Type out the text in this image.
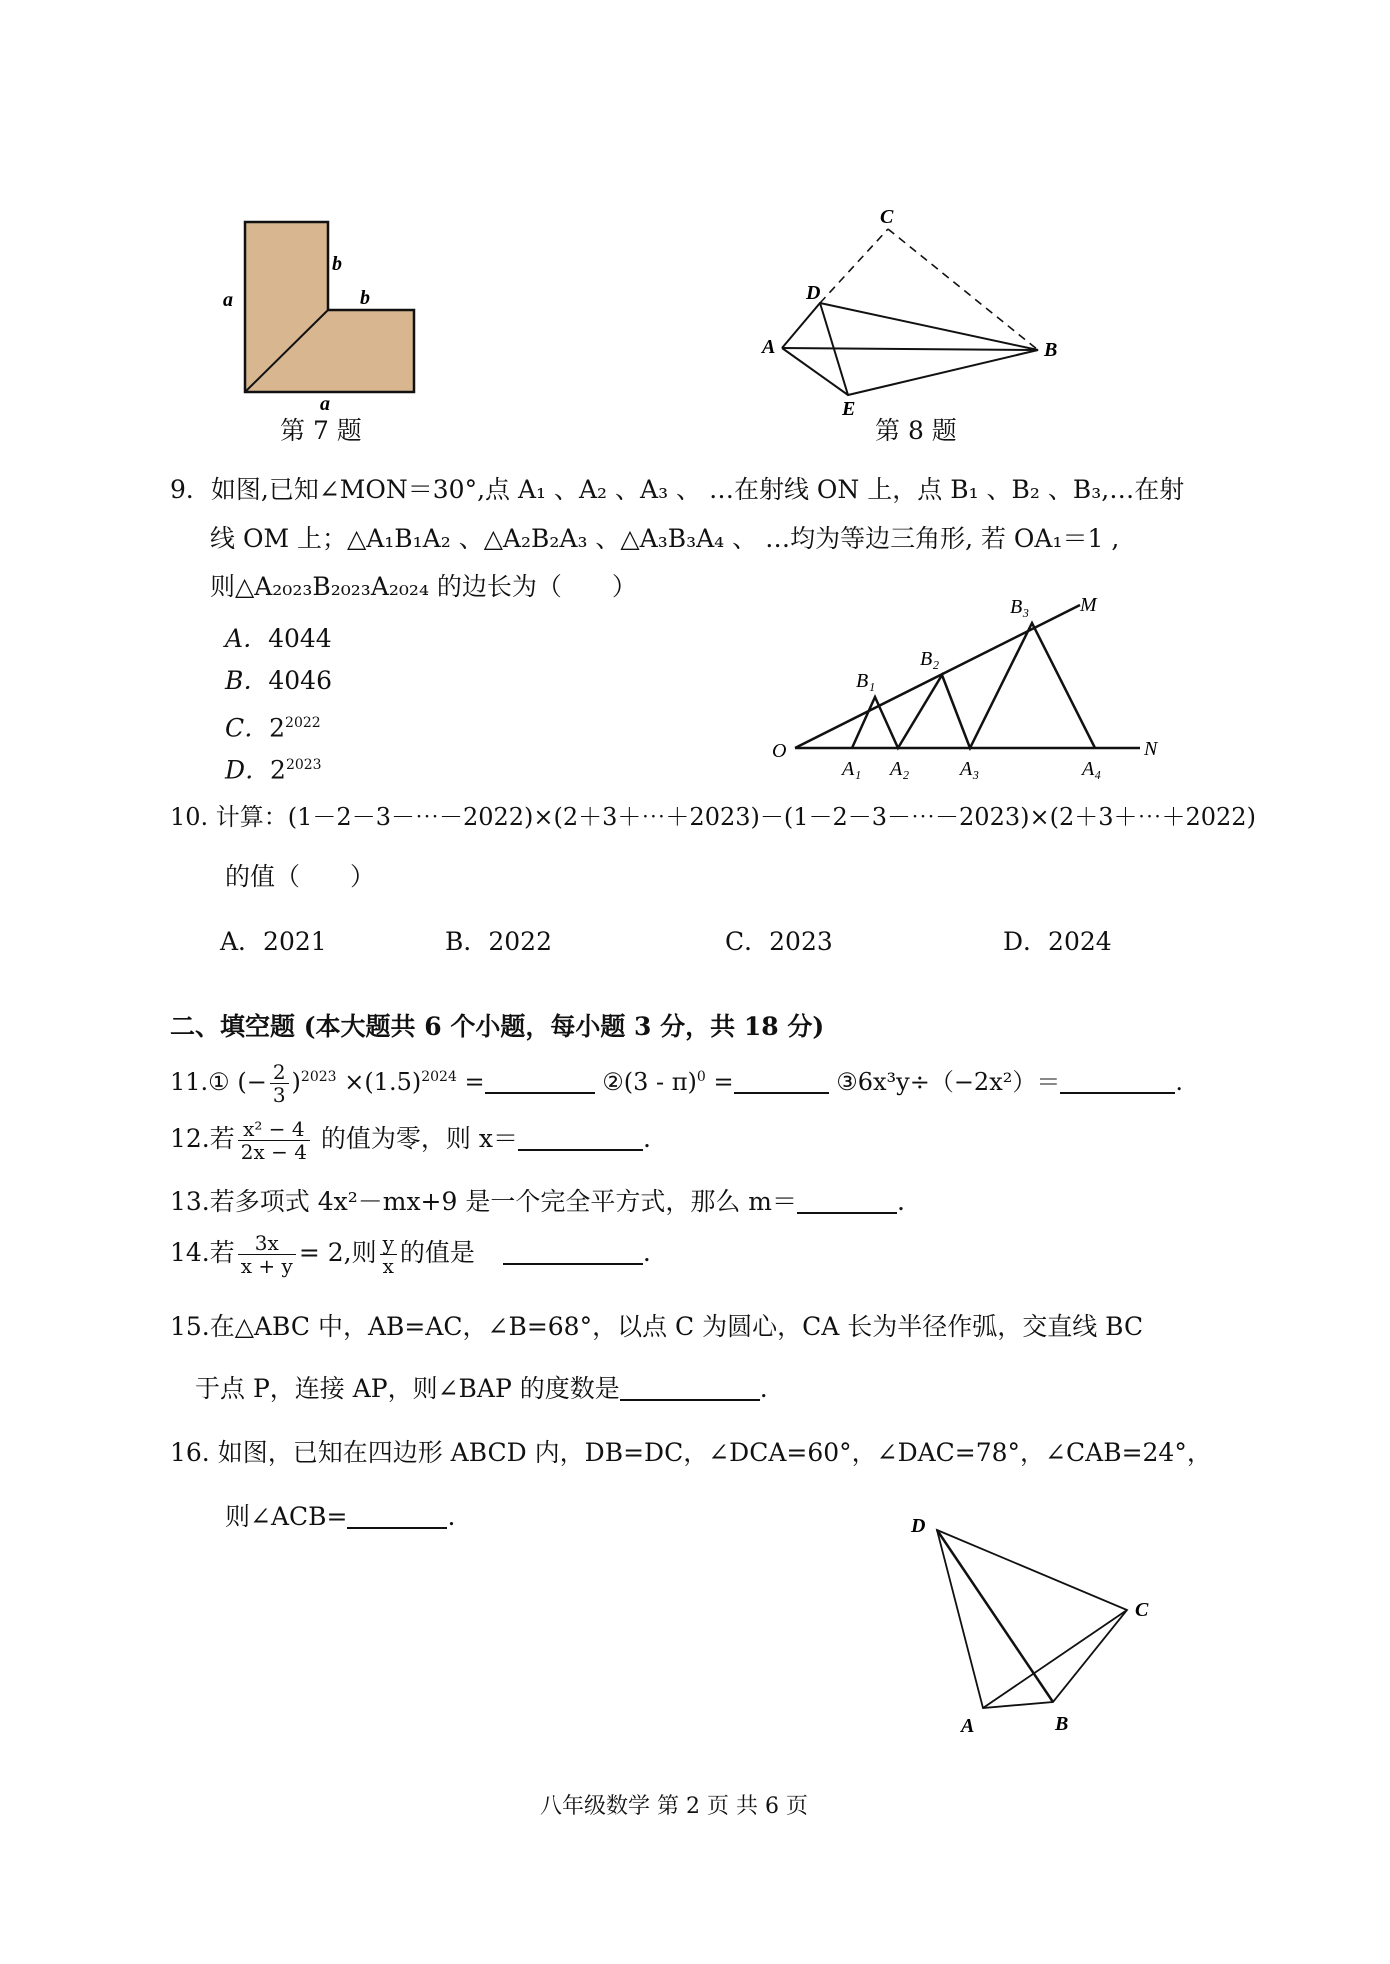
a
b
b
a
第 7 题
C
D
A	B
E
第 8 题
9．如图,已知∠MON＝30°,点 A₁ 、A₂ 、A₃ 、 …在射线 ON 上，点 B₁ 、B₂ 、B₃,…在射
线 OM 上；△A₁B₁A₂ 、△A₂B₂A₃ 、△A₃B₃A₄ 、 …均为等边三角形, 若 OA₁＝1 ,
则△A₂₀₂₃B₂₀₂₃A₂₀₂₄ 的边长为（　　）
A．4044
B．4046
C．$2^{2022}$
D．$2^{2023}$
O
A₁ A₂	A₃	A₄
B₁
B₂
B₃	M
N
10. 计算：(1－2－3－⋯－2022)×(2＋3＋⋯＋2023)－(1－2－3－⋯－2023)×(2＋3＋⋯＋2022)
的值（　　）
A．2021	B．2022	C．2023	D．2024
二、填空题 (本大题共 6 个小题，每小题 3 分，共 18 分)
11.① (− $\frac{2}{3} )^{2023} \times(1.5)^{2024}$ =	②(3 - π)$^0$ =	③6x³y÷（−2x²）＝	.
12.若 $\frac{\text{x² − 4}}{2x - 4}$ 的值为零，则 x＝	.
13.若多项式 4x²－mx+9 是一个完全平方式，那么 m＝	.
14.若 $\frac{3x}{x + y} = 2$,则 $\frac{y}{x}$ 的值是	.
15.在△ABC 中，AB=AC，∠B=68°，以点 C 为圆心，CA 长为半径作弧，交直线 BC
于点 P，连接 AP，则∠BAP 的度数是	.
16. 如图，已知在四边形 ABCD 内，DB=DC，∠DCA=60°，∠DAC=78°，∠CAB=24°，
则∠ACB=	.	D
C
A	B
八年级数学 第 2 页 共 6 页
